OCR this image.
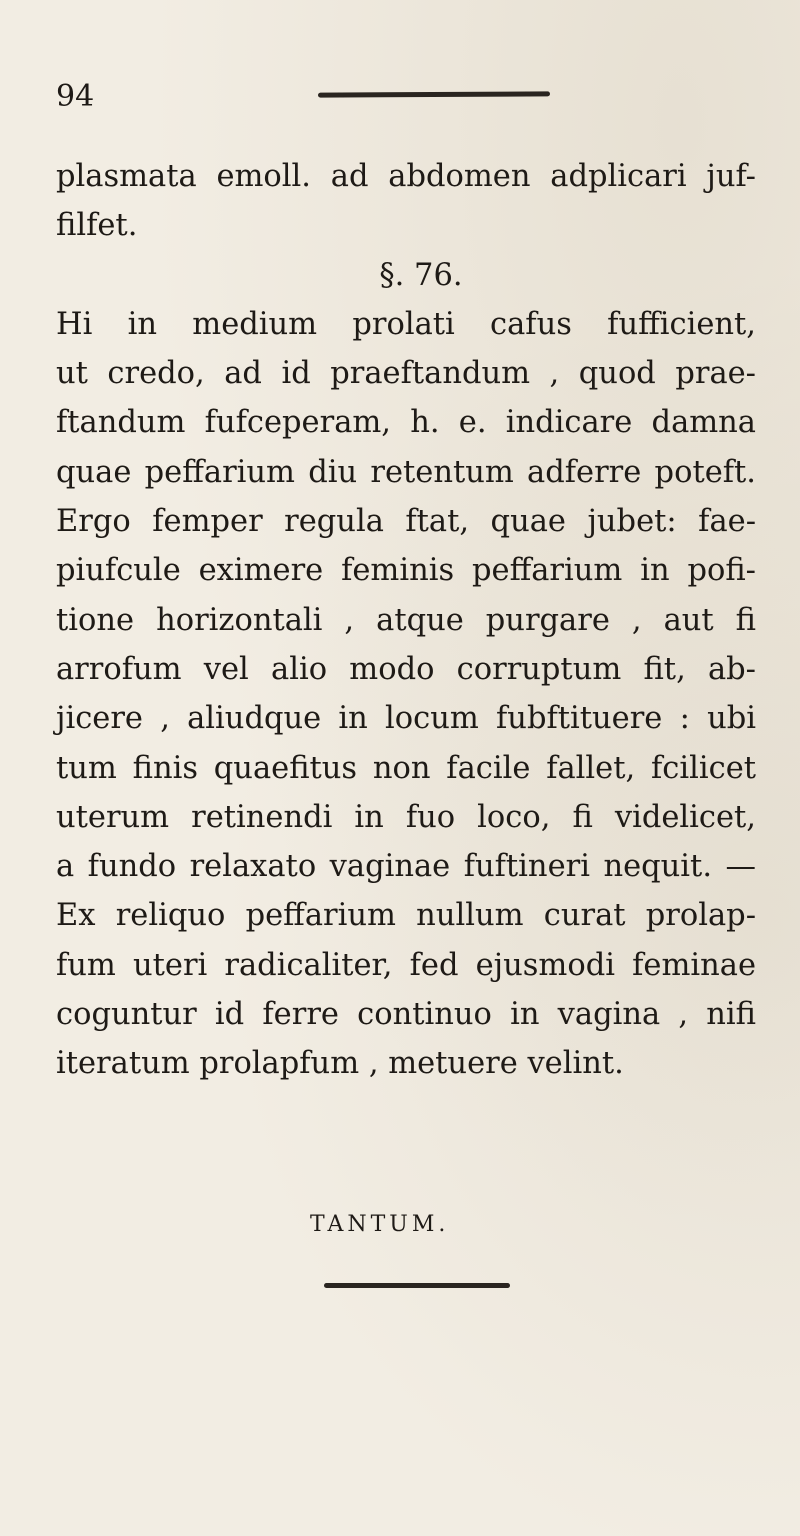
94
plasmata emoll. ad abdomen adplicari juf-
filfet.
§. 76.
Hi in medium prolati cafus fufficient,
ut credo, ad id praeftandum , quod prae-
ftandum fufceperam, h. e. indicare damna
quae peffarium diu retentum adferre poteft.
Ergo femper regula ftat, quae jubet: fae-
piufcule eximere feminis peffarium in pofi-
tione horizontali , atque purgare , aut fi
arrofum vel alio modo corruptum fit, ab-
jicere , aliudque in locum fubftituere : ubi
tum finis quaefitus non facile fallet, fcilicet
uterum retinendi in fuo loco, fi videlicet,
a fundo relaxato vaginae fuftineri nequit. —
Ex reliquo peffarium nullum curat prolap-
fum uteri radicaliter, fed ejusmodi feminae
coguntur id ferre continuo in vagina , nifi
iteratum prolapfum , metuere velint.
TANTUM.
